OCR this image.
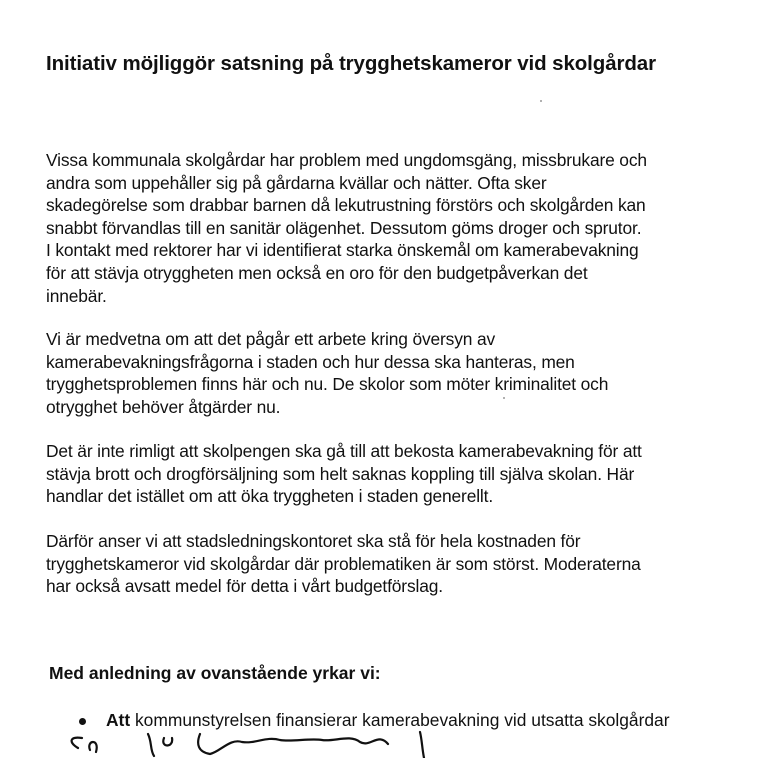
Initiativ möjliggör satsning på trygghetskameror vid skolgårdar

Vissa kommunala skolgårdar har problem med ungdomsgäng, missbrukare och
andra som uppehåller sig på gårdarna kvällar och nätter. Ofta sker
skadegörelse som drabbar barnen då lekutrustning förstörs och skolgården kan
snabbt förvandlas till en sanitär olägenhet. Dessutom göms droger och sprutor.
I kontakt med rektorer har vi identifierat starka önskemål om kamerabevakning
för att stävja otryggheten men också en oro för den budgetpåverkan det
innebär.

Vi är medvetna om att det pågår ett arbete kring översyn av
kamerabevakningsfrågorna i staden och hur dessa ska hanteras, men
trygghetsproblemen finns här och nu. De skolor som möter kriminalitet och
otrygghet behöver åtgärder nu.

Det är inte rimligt att skolpengen ska gå till att bekosta kamerabevakning för att
stävja brott och drogförsäljning som helt saknas koppling till själva skolan. Här
handlar det istället om att öka tryggheten i staden generellt.

Därför anser vi att stadsledningskontoret ska stå för hela kostnaden för
trygghetskameror vid skolgårdar där problematiken är som störst. Moderaterna
har också avsatt medel för detta i vårt budgetförslag.

Med anledning av ovanstående yrkar vi:
Att kommunstyrelsen finansierar kamerabevakning vid utsatta skolgårdar
